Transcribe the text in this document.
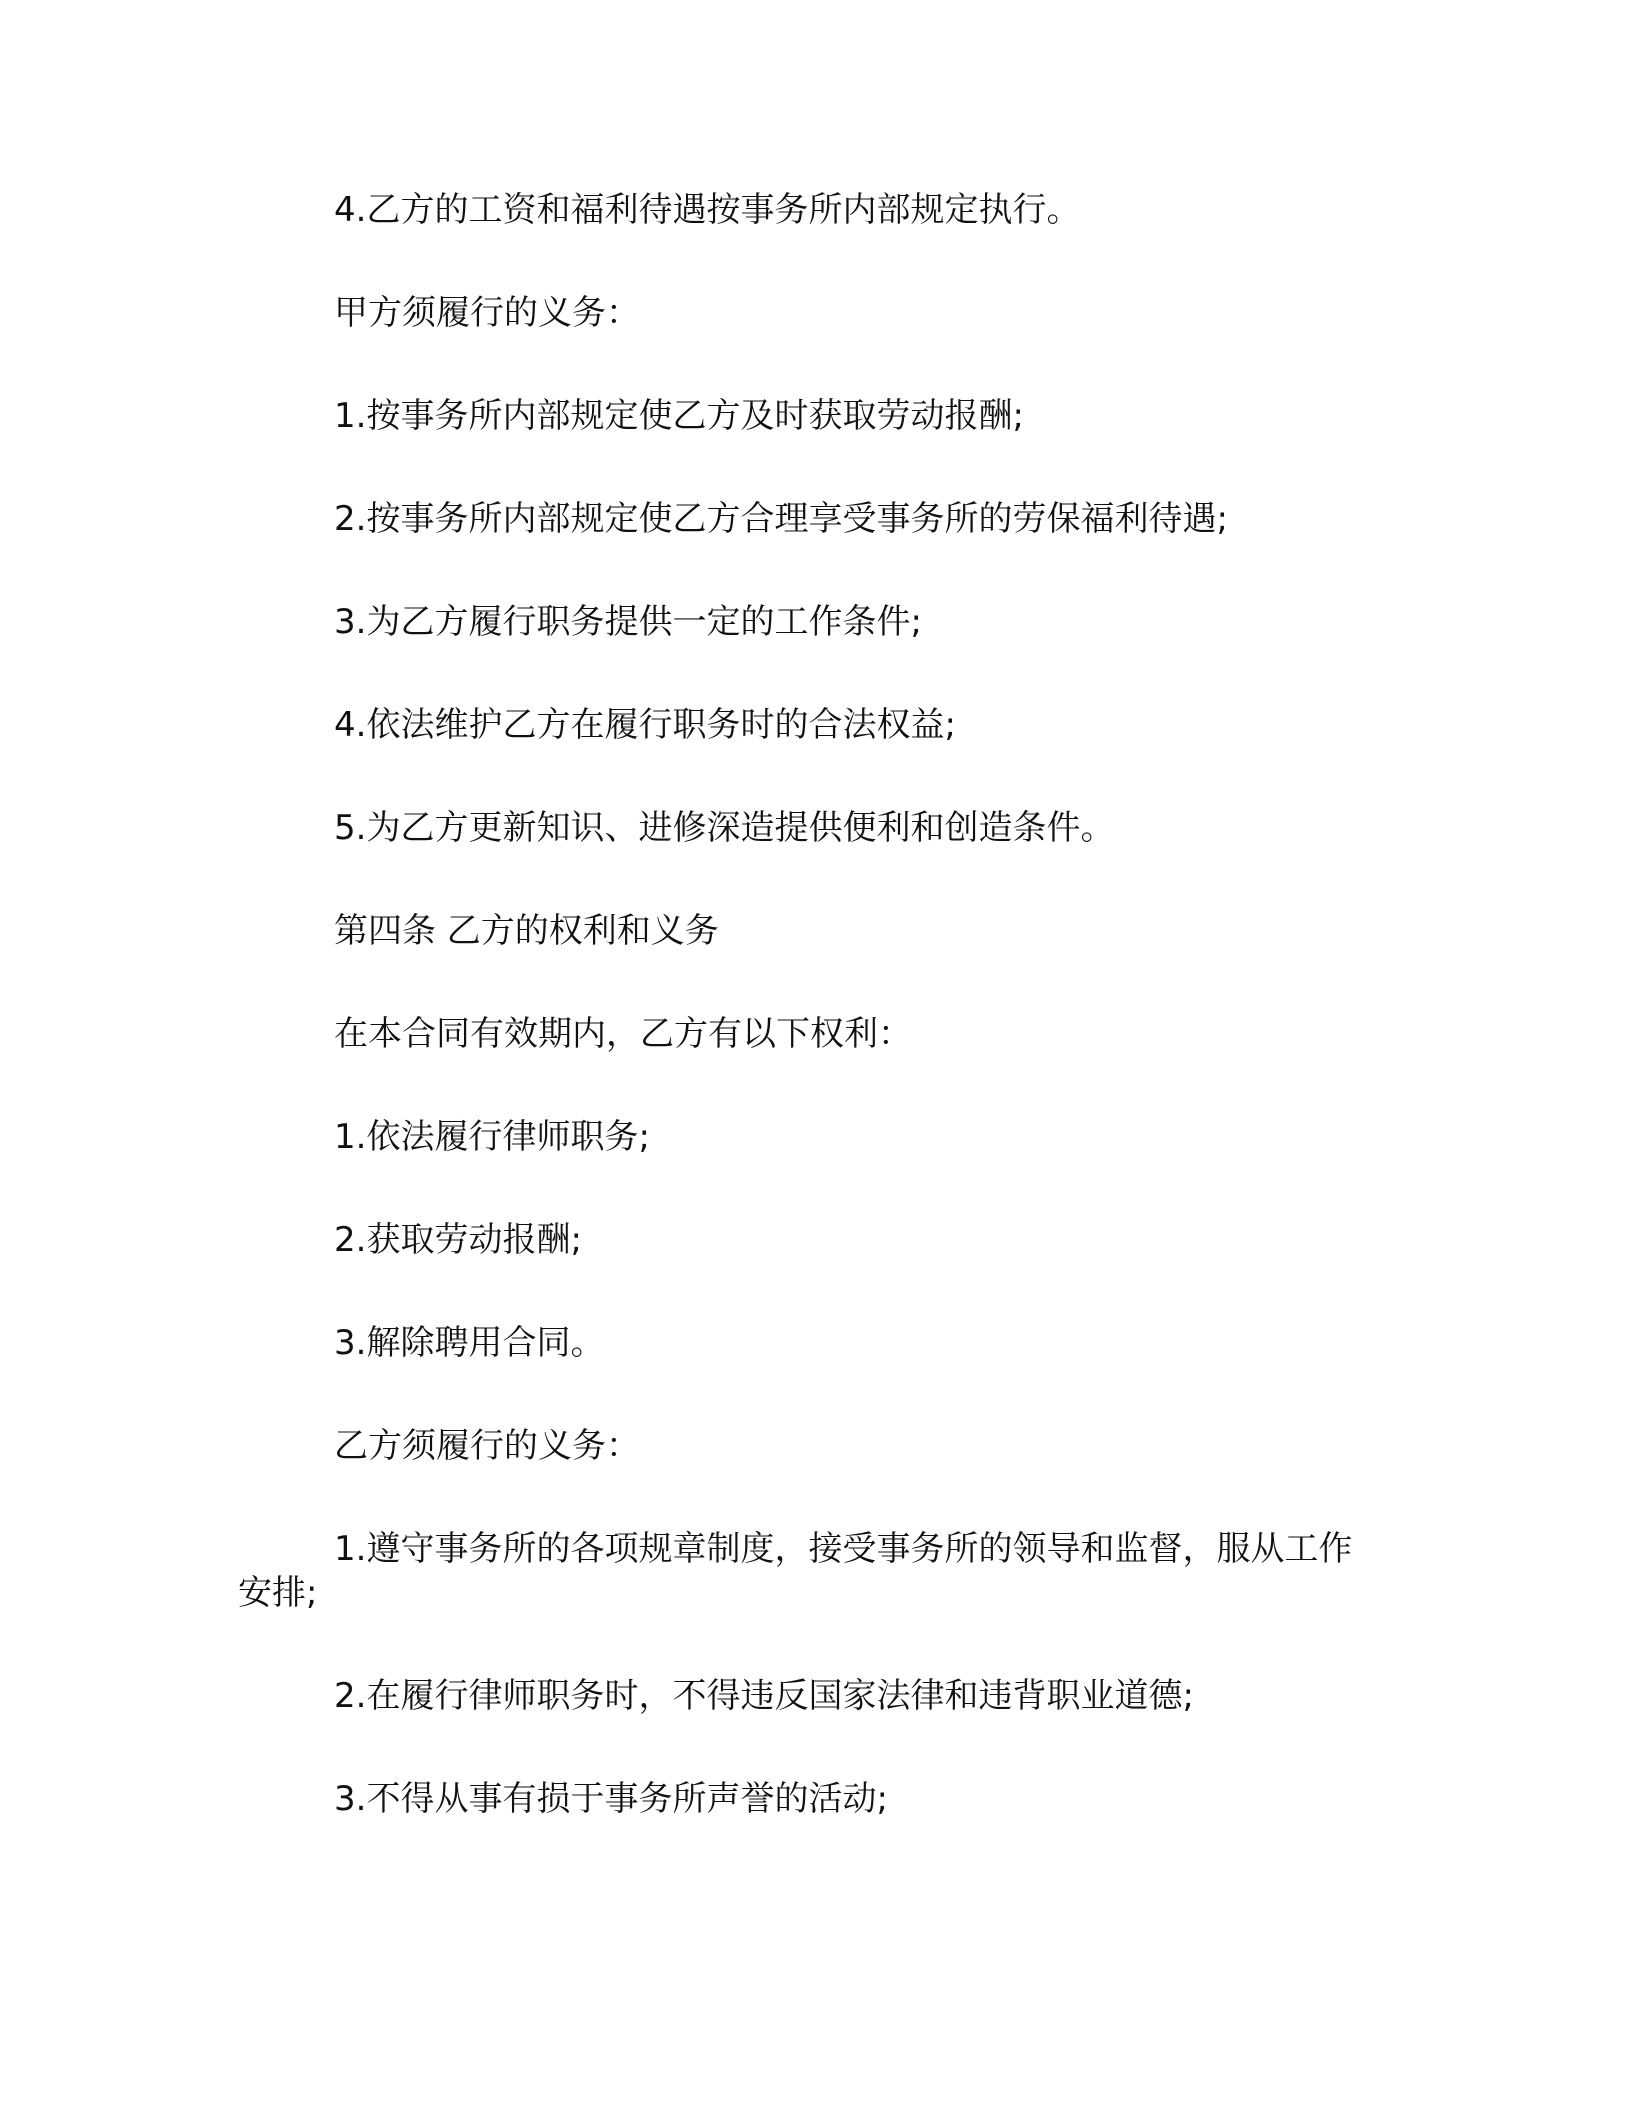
4.乙方的工资和福利待遇按事务所内部规定执行。

甲方须履行的义务：

1.按事务所内部规定使乙方及时获取劳动报酬;

2.按事务所内部规定使乙方合理享受事务所的劳保福利待遇;

3.为乙方履行职务提供一定的工作条件;

4.依法维护乙方在履行职务时的合法权益;

5.为乙方更新知识、进修深造提供便利和创造条件。

第四条 乙方的权利和义务

在本合同有效期内，乙方有以下权利：

1.依法履行律师职务;

2.获取劳动报酬;

3.解除聘用合同。

乙方须履行的义务：

1.遵守事务所的各项规章制度，接受事务所的领导和监督，服从工作安排;

2.在履行律师职务时，不得违反国家法律和违背职业道德;

3.不得从事有损于事务所声誉的活动;
